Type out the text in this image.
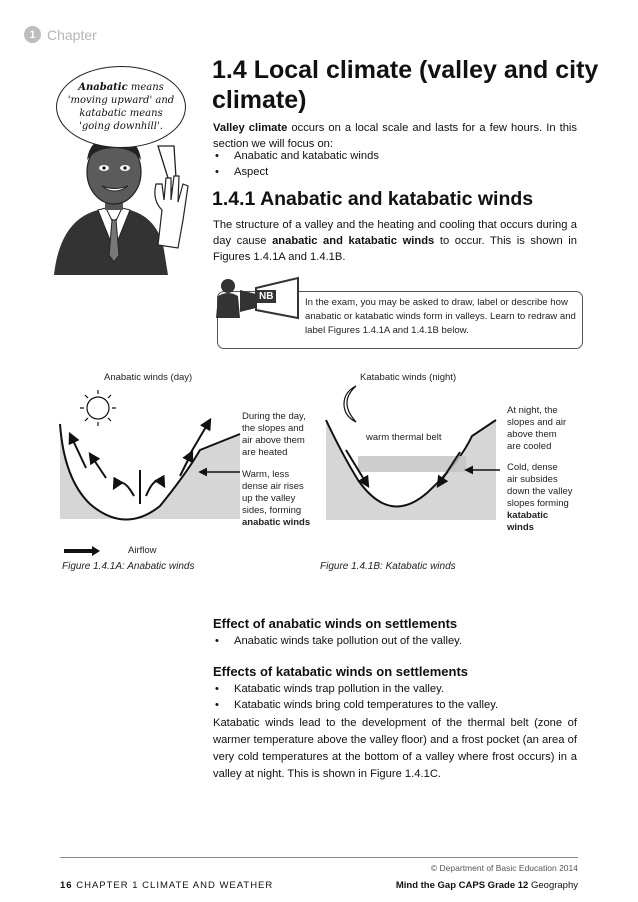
1 Chapter
Anabatic means
'moving upward' and
katabatic means
'going downhill'.
1.4 Local climate (valley and city climate)
Valley climate occurs on a local scale and lasts for a few hours. In this section we will focus on:
• Anabatic and katabatic winds
• Aspect
1.4.1 Anabatic and katabatic winds
The structure of a valley and the heating and cooling that occurs during a day cause anabatic and katabatic winds to occur. This is shown in Figures 1.4.1A and 1.4.1B.
NB
In the exam, you may be asked to draw, label or describe how anabatic or katabatic winds form in valleys. Learn to redraw and label Figures 1.4.1A and 1.4.1B below.
Anabatic winds (day)
During the day,
the slopes and
air above them
are heated
Warm, less
dense air rises
up the valley
sides, forming
anabatic winds
Airflow
Figure 1.4.1A: Anabatic winds
Katabatic winds (night)
warm thermal belt
At night, the
slopes and air
above them
are cooled
Cold, dense
air subsides
down the valley
slopes forming
katabatic
winds
Figure 1.4.1B: Katabatic winds
Effect of anabatic winds on settlements
• Anabatic winds take pollution out of the valley.
Effects of katabatic winds on settlements
• Katabatic winds trap pollution in the valley.
• Katabatic winds bring cold temperatures to the valley.
Katabatic winds lead to the development of the thermal belt (zone of warmer temperature above the valley floor) and a frost pocket (an area of very cold temperatures at the bottom of a valley where frost occurs) in a valley at night. This is shown in Figure 1.4.1C.
© Department of Basic Education 2014
16 CHAPTER 1 CLIMATE AND WEATHER	Mind the Gap CAPS Grade 12 Geography
